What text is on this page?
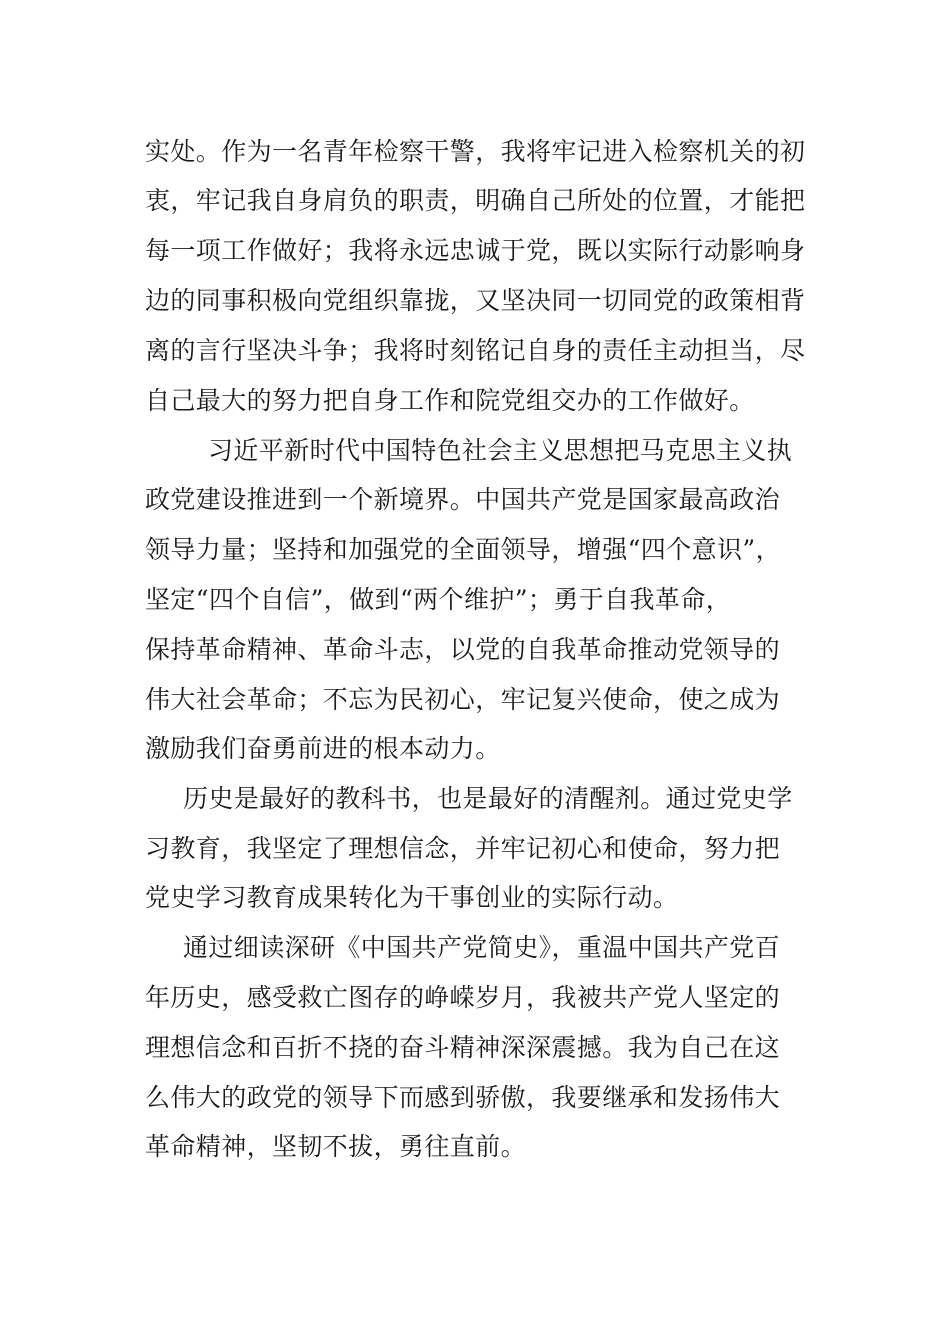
实处。作为一名青年检察干警，我将牢记进入检察机关的初
衷，牢记我自身肩负的职责，明确自己所处的位置，才能把
每一项工作做好；我将永远忠诚于党，既以实际行动影响身
边的同事积极向党组织靠拢，又坚决同一切同党的政策相背
离的言行坚决斗争；我将时刻铭记自身的责任主动担当，尽
自己最大的努力把自身工作和院党组交办的工作做好。
习近平新时代中国特色社会主义思想把马克思主义执
政党建设推进到一个新境界。中国共产党是国家最高政治
领导力量；坚持和加强党的全面领导，增强“四个意识”，
坚定“四个自信”，做到“两个维护”；勇于自我革命，
保持革命精神、革命斗志，以党的自我革命推动党领导的
伟大社会革命；不忘为民初心，牢记复兴使命，使之成为
激励我们奋勇前进的根本动力。
历史是最好的教科书，也是最好的清醒剂。通过党史学
习教育，我坚定了理想信念，并牢记初心和使命，努力把
党史学习教育成果转化为干事创业的实际行动。
通过细读深研《中国共产党简史》，重温中国共产党百
年历史，感受救亡图存的峥嵘岁月，我被共产党人坚定的
理想信念和百折不挠的奋斗精神深深震撼。我为自己在这
么伟大的政党的领导下而感到骄傲，我要继承和发扬伟大
革命精神，坚韧不拔，勇往直前。
